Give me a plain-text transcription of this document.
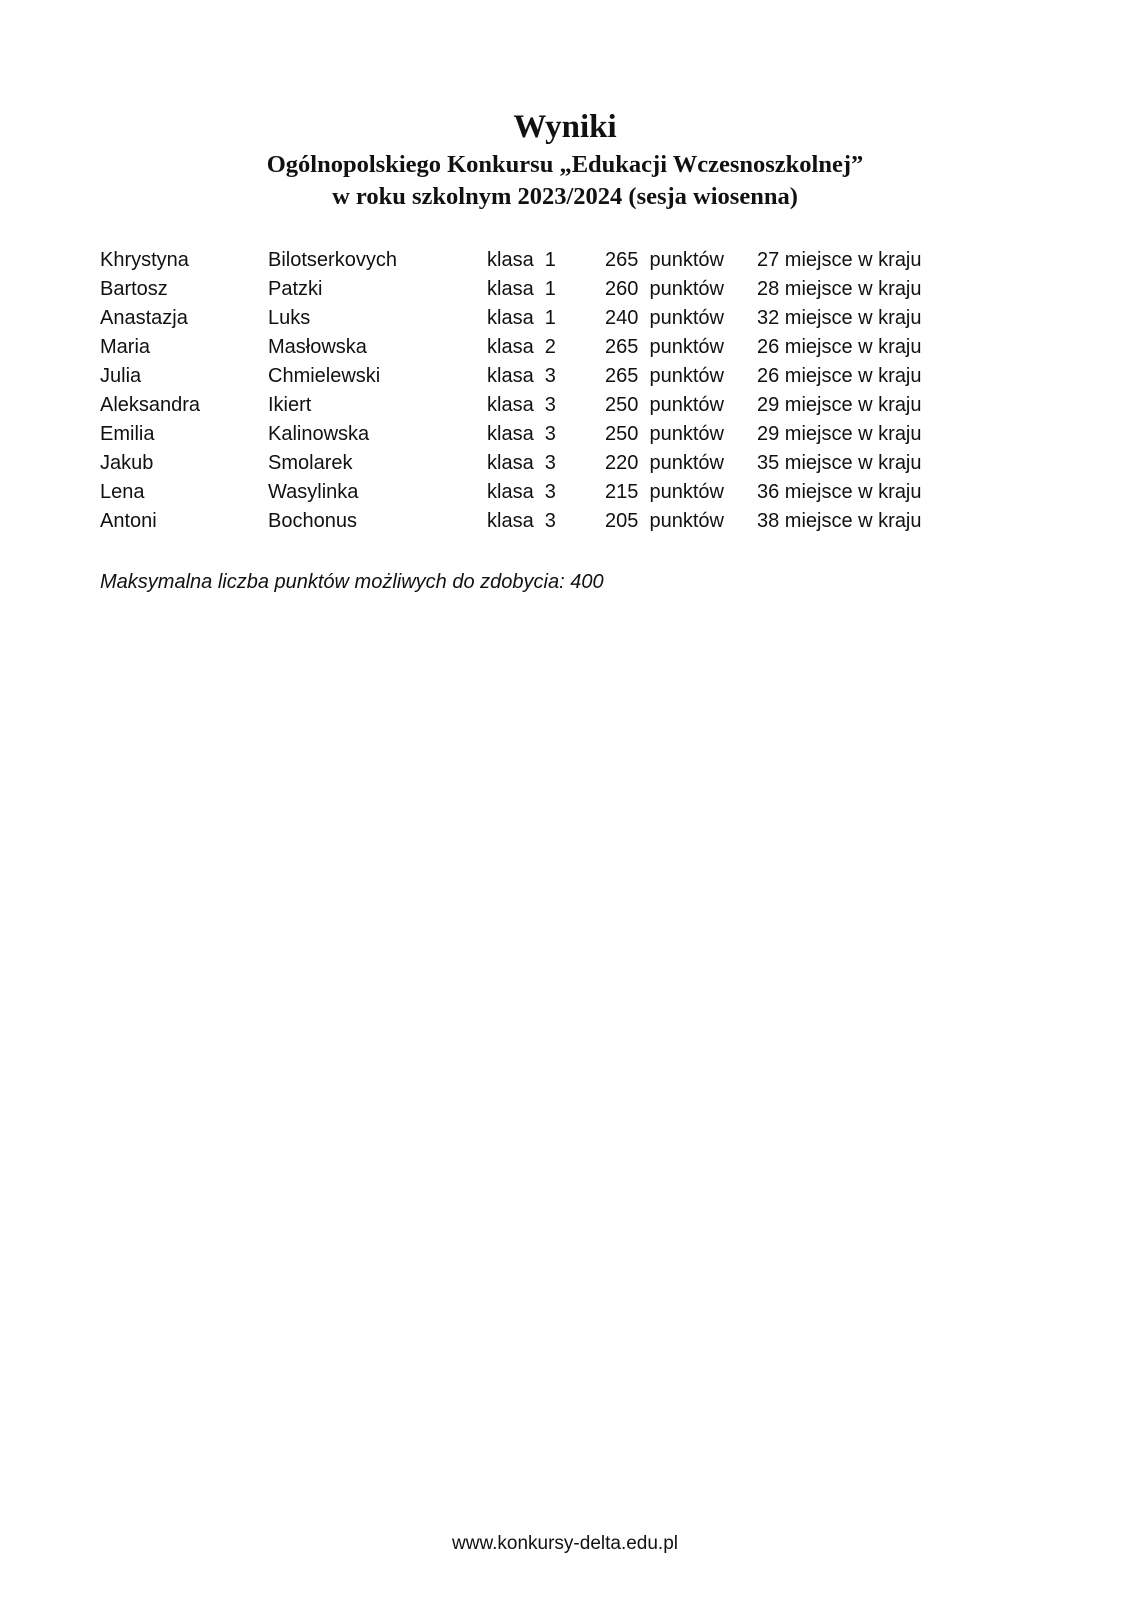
Wyniki
Ogólnopolskiego Konkursu „Edukacji Wczesnoszkolnej”
w roku szkolnym 2023/2024 (sesja wiosenna)
Khrystyna	Bilotserkovych	klasa  1	265  punktów	27 miejsce w kraju
Bartosz	Patzki	klasa  1	260  punktów	28 miejsce w kraju
Anastazja	Luks	klasa  1	240  punktów	32 miejsce w kraju
Maria	Masłowska	klasa  2	265  punktów	26 miejsce w kraju
Julia	Chmielewski	klasa  3	265  punktów	26 miejsce w kraju
Aleksandra	Ikiert	klasa  3	250  punktów	29 miejsce w kraju
Emilia	Kalinowska	klasa  3	250  punktów	29 miejsce w kraju
Jakub	Smolarek	klasa  3	220  punktów	35 miejsce w kraju
Lena	Wasylinka	klasa  3	215  punktów	36 miejsce w kraju
Antoni	Bochonus	klasa  3	205  punktów	38 miejsce w kraju
Maksymalna liczba punktów możliwych do zdobycia: 400
www.konkursy-delta.edu.pl
